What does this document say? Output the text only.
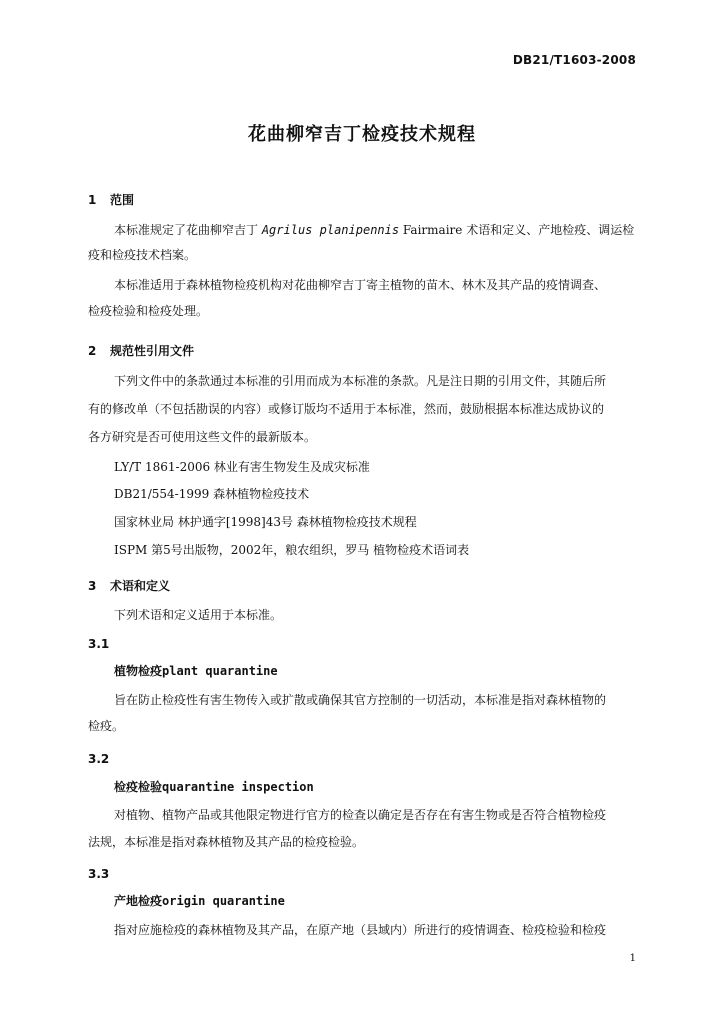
DB21/T1603-2008
花曲柳窄吉丁检疫技术规程
1 范围
本标准规定了花曲柳窄吉丁 Agrilus planipennis Fairmaire 术语和定义、产地检疫、调运检
疫和检疫技术档案。
本标准适用于森林植物检疫机构对花曲柳窄吉丁寄主植物的苗木、林木及其产品的疫情调查、
检疫检验和检疫处理。
2 规范性引用文件
下列文件中的条款通过本标准的引用而成为本标准的条款。凡是注日期的引用文件，其随后所
有的修改单（不包括勘误的内容）或修订版均不适用于本标准，然而，鼓励根据本标准达成协议的
各方研究是否可使用这些文件的最新版本。
LY/T 1861-2006 林业有害生物发生及成灾标准
DB21/554-1999 森林植物检疫技术
国家林业局 林护通字[1998]43号 森林植物检疫技术规程
ISPM 第5号出版物，2002年，粮农组织，罗马 植物检疫术语词表
3 术语和定义
下列术语和定义适用于本标准。
3.1
植物检疫plant quarantine
旨在防止检疫性有害生物传入或扩散或确保其官方控制的一切活动，本标准是指对森林植物的
检疫。
3.2
检疫检验quarantine inspection
对植物、植物产品或其他限定物进行官方的检查以确定是否存在有害生物或是否符合植物检疫
法规，本标准是指对森林植物及其产品的检疫检验。
3.3
产地检疫origin quarantine
指对应施检疫的森林植物及其产品，在原产地（县域内）所进行的疫情调查、检疫检验和检疫
1
